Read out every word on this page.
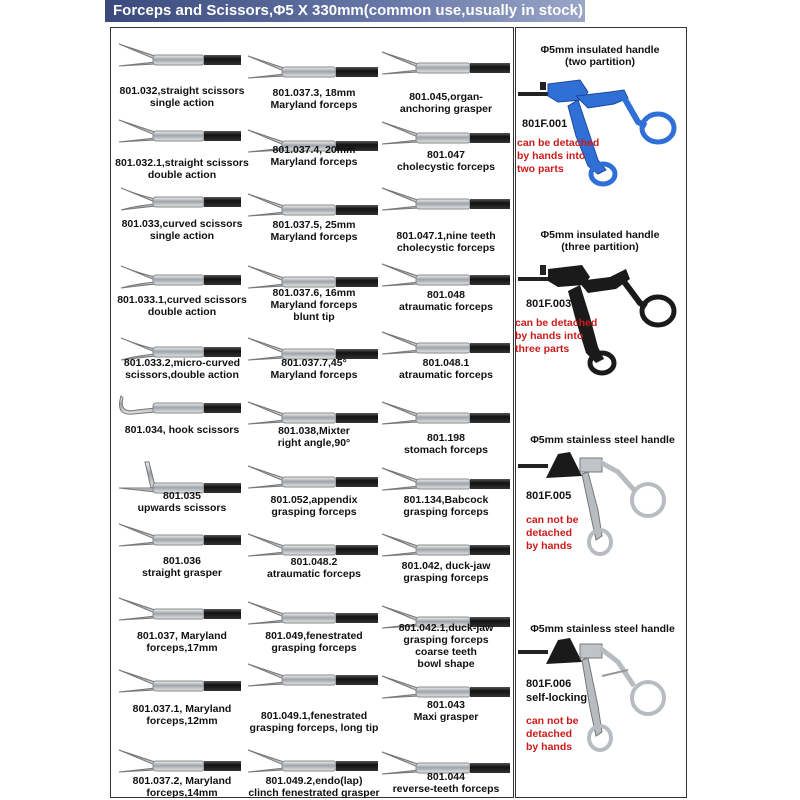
Forceps and Scissors,Φ5 X 330mm(common use,usually in stock)
801.032,straight scissors
single action
801.032.1,straight scissors
double action
801.033,curved scissors
single action
801.033.1,curved scissors
double action
801.033.2,micro-curved
scissors,double action
801.034, hook scissors
801.035
upwards scissors
801.036
straight grasper
801.037, Maryland
forceps,17mm
801.037.1, Maryland
forceps,12mm
801.037.2, Maryland
forceps,14mm
801.037.3, 18mm
Maryland forceps
801.037.4, 20mm
Maryland forceps
801.037.5, 25mm
Maryland forceps
801.037.6, 16mm
Maryland forceps
blunt tip
801.037.7,45°
Maryland forceps
801.038,Mixter
right angle,90°
801.052,appendix
grasping forceps
801.048.2
atraumatic forceps
801.049,fenestrated
grasping forceps
801.049.1,fenestrated
grasping forceps, long tip
801.049.2,endo(lap)
clinch fenestrated grasper
801.045,organ-
anchoring grasper
801.047
cholecystic forceps
801.047.1,nine teeth
cholecystic forceps
801.048
atraumatic forceps
801.048.1
atraumatic forceps
801.198
stomach forceps
801.134,Babcock
grasping forceps
801.042, duck-jaw
grasping forceps
801.042.1,duck-jaw
grasping forceps
coarse teeth
bowl shape
801.043
Maxi grasper
801.044
reverse-teeth forceps
Φ5mm insulated handle
(two partition)
801F.001
can be detached
by hands into
two parts
Φ5mm insulated handle
(three partition)
801F.003
can be detached
by hands into
three parts
Φ5mm stainless steel handle
801F.005
can not be
detached
by hands
Φ5mm stainless steel handle
801F.006
self-locking
can not be
detached
by hands
